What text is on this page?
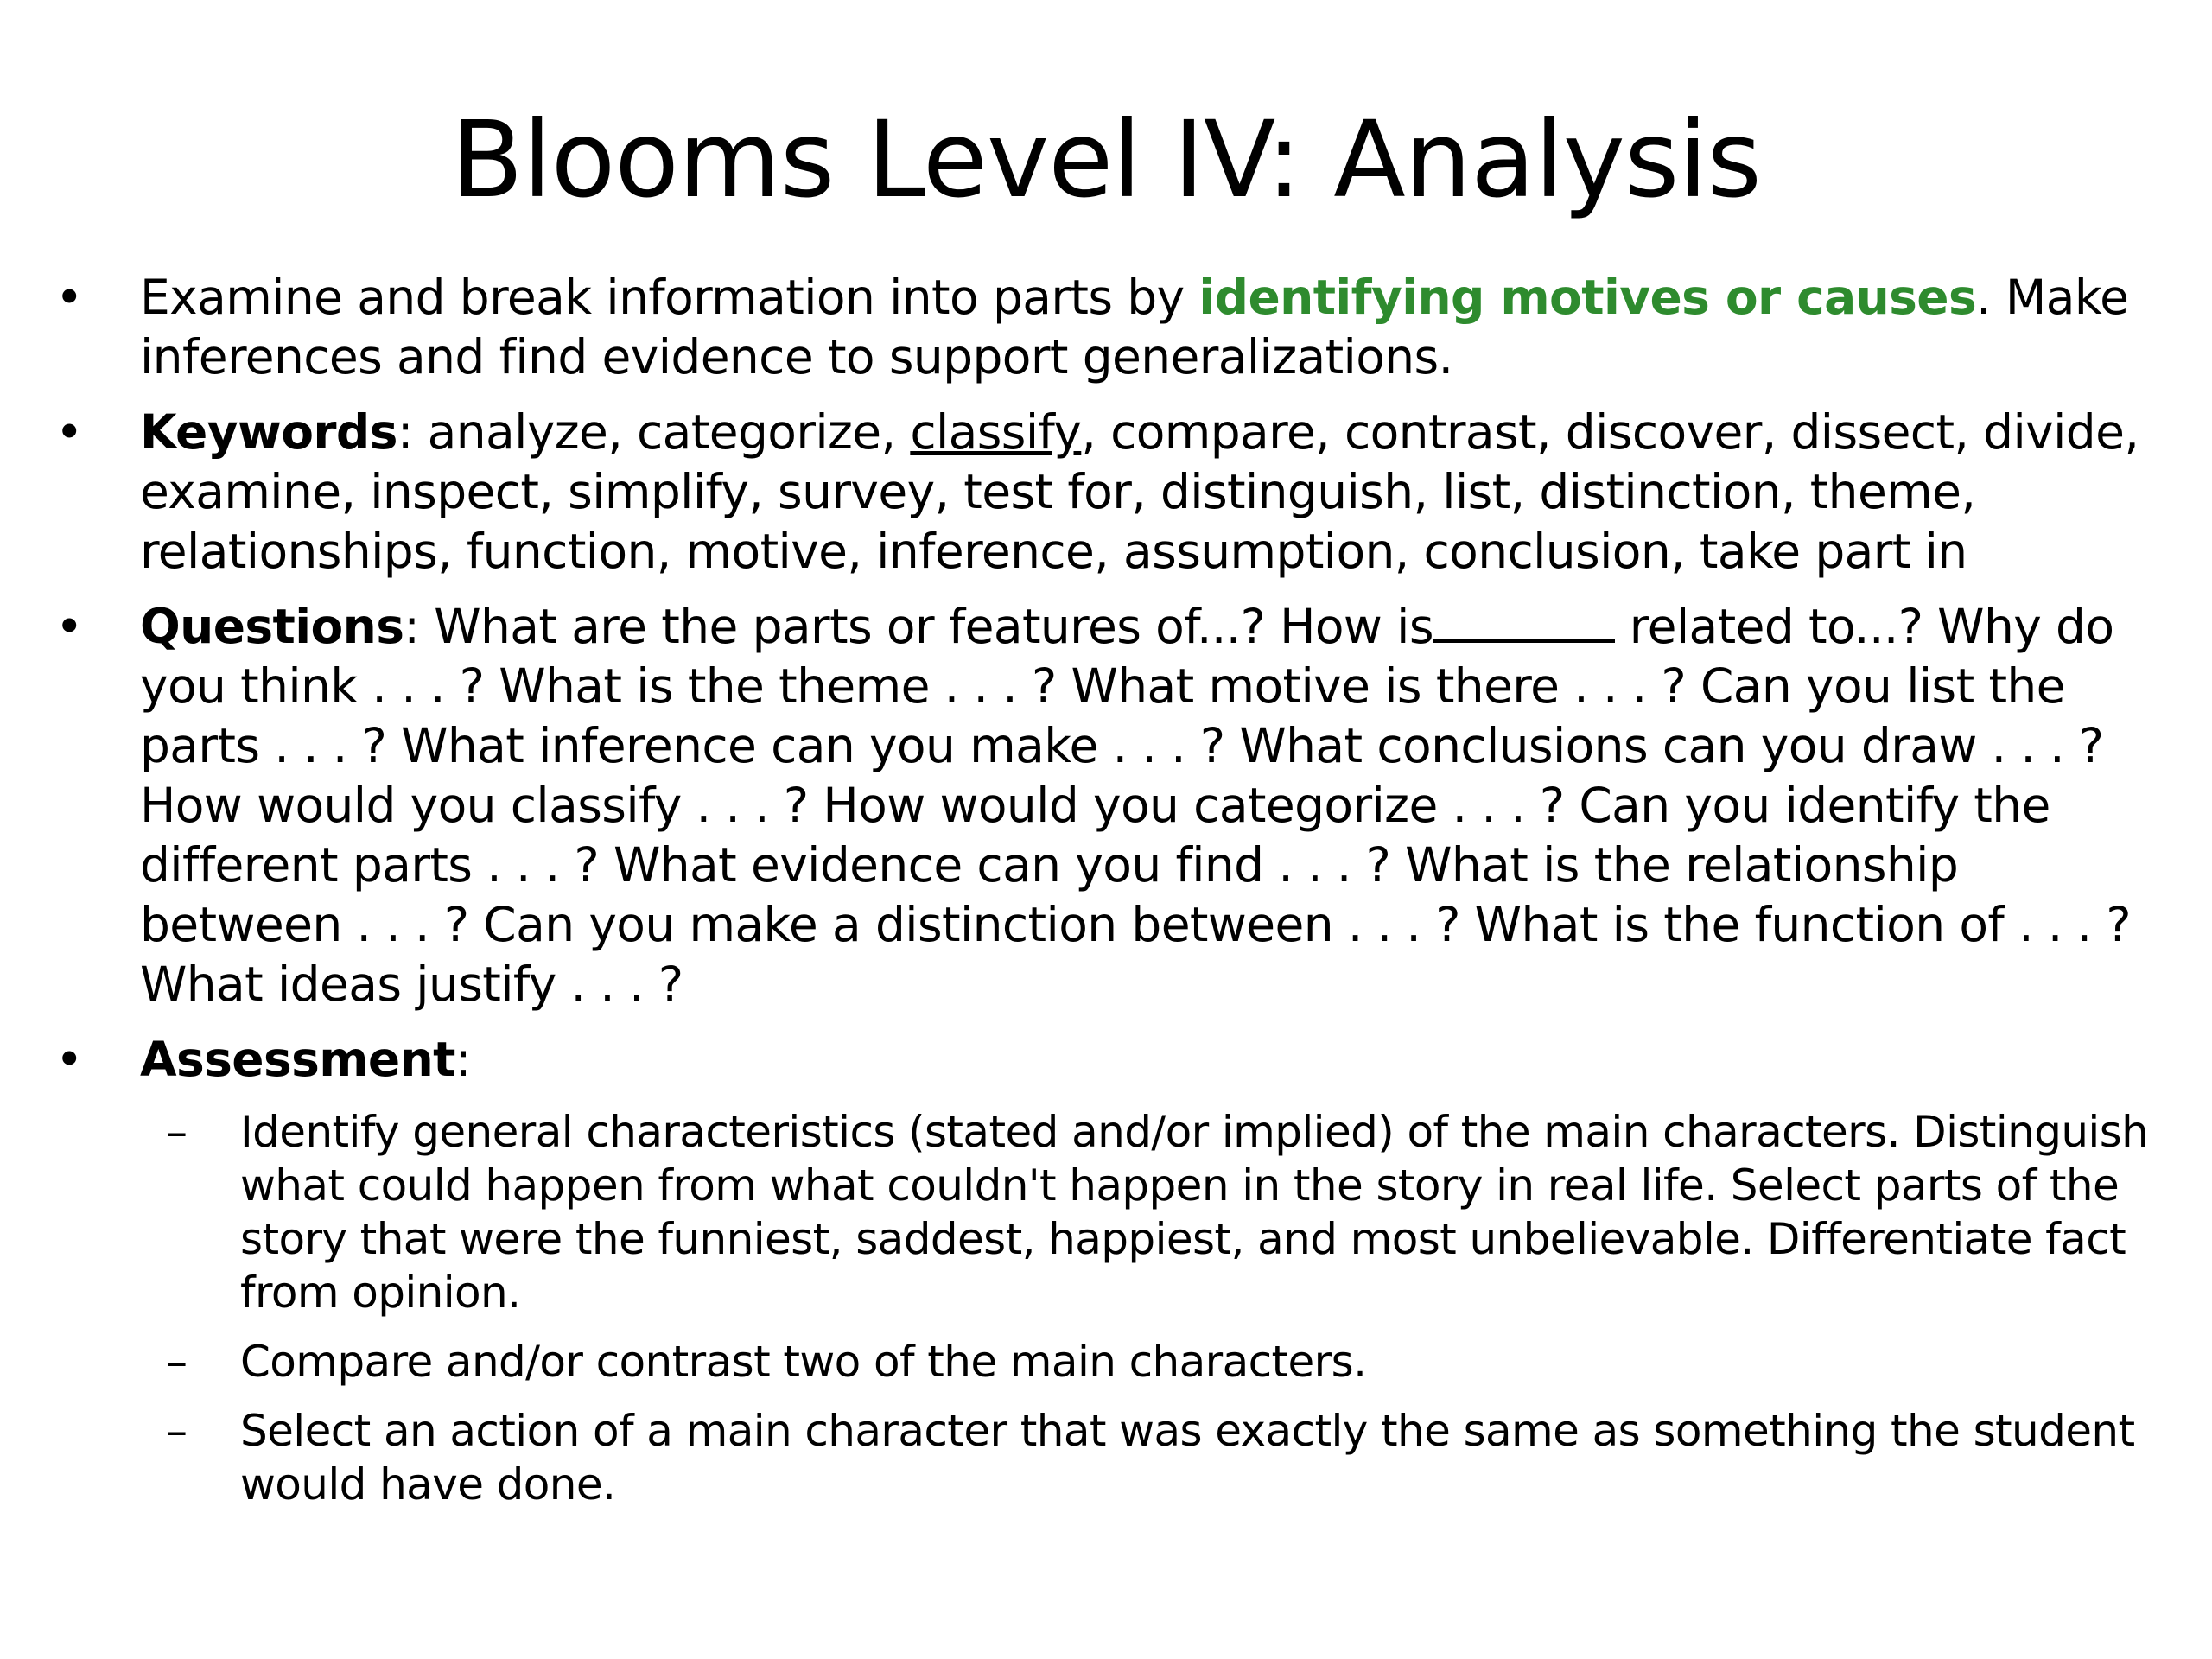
Blooms Level IV: Analysis
• Examine and break information into parts by identifying motives or causes. Make inferences and find evidence to support generalizations.
• Keywords: analyze, categorize, classify, compare, contrast, discover, dissect, divide, examine, inspect, simplify, survey, test for, distinguish, list, distinction, theme, relationships, function, motive, inference, assumption, conclusion, take part in
• Questions: What are the parts or features of...? How is	related to...? Why do you think . . . ? What is the theme . . . ? What motive is there . . . ? Can you list the parts . . . ? What inference can you make . . . ? What conclusions can you draw . . . ? How would you classify . . . ? How would you categorize . . . ? Can you identify the different parts . . . ? What evidence can you find . . . ? What is the relationship between . . . ? Can you make a distinction between . . . ? What is the function of . . . ? What ideas justify . . . ?
• Assessment:
– Identify general characteristics (stated and/or implied) of the main characters. Distinguish what could happen from what couldn't happen in the story in real life. Select parts of the story that were the funniest, saddest, happiest, and most unbelievable. Differentiate fact from opinion.
– Compare and/or contrast two of the main characters.
– Select an action of a main character that was exactly the same as something the student would have done.
